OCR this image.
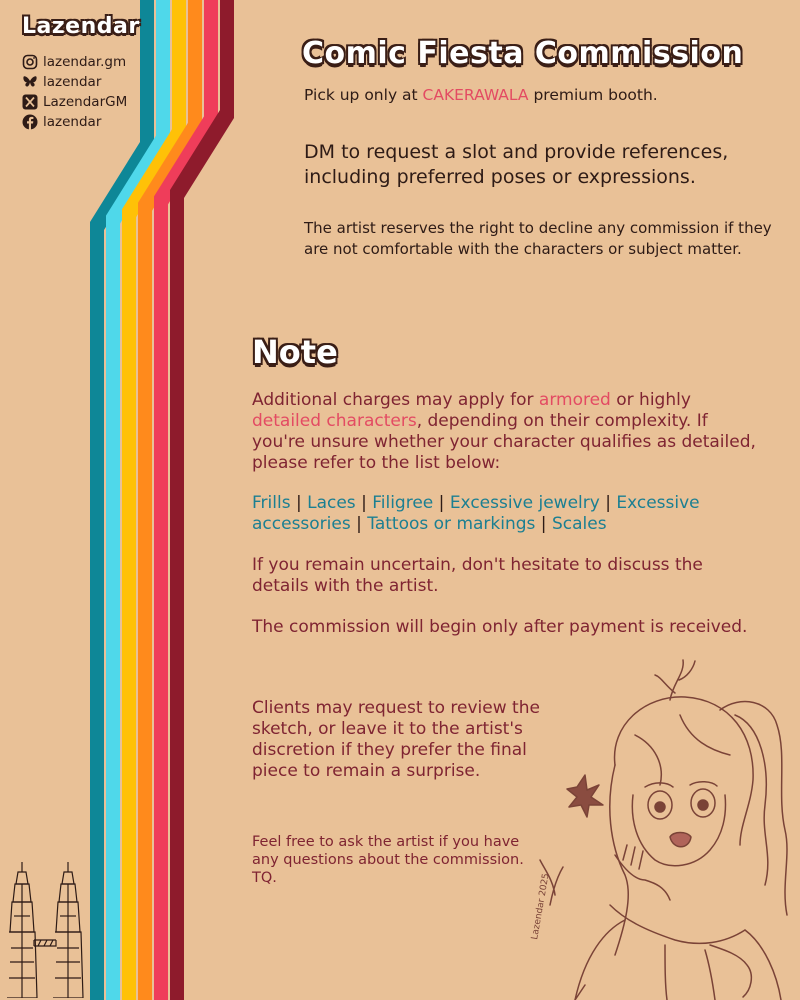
Lazendar
lazendar.gm
lazendar
LazendarGM
lazendar
Comic Fiesta Commission
Pick up only at CAKERAWALA premium booth.
DM to request a slot and provide references, including preferred poses or expressions.
The artist reserves the right to decline any commission if they are not comfortable with the characters or subject matter.
Note
Additional charges may apply for armored or highly detailed characters, depending on their complexity. If you're unsure whether your character qualifies as detailed, please refer to the list below:
Frills | Laces | Filigree | Excessive jewelry | Excessive accessories | Tattoos or markings | Scales
If you remain uncertain, don't hesitate to discuss the details with the artist.
The commission will begin only after payment is received.
Clients may request to review the sketch, or leave it to the artist's discretion if they prefer the final piece to remain a surprise.
Feel free to ask the artist if you have any questions about the commission. TQ.	Lazendar 2025
